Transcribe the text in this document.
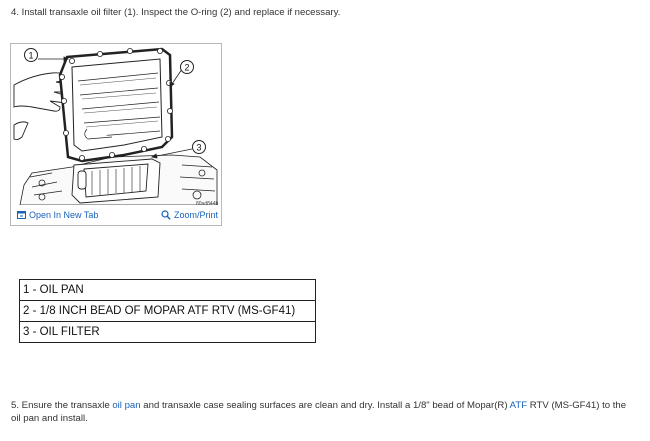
4. Install transaxle oil filter (1). Inspect the O-ring (2) and replace if necessary.
1
2
3
80ad844b
Open In New Tab	Zoom/Print
1 - OIL PAN
2 - 1/8 INCH BEAD OF MOPAR ATF RTV (MS-GF41)
3 - OIL FILTER
5. Ensure the transaxle oil pan and transaxle case sealing surfaces are clean and dry. Install a 1/8" bead of Mopar(R) ATF RTV (MS-GF41) to the oil pan and install.
